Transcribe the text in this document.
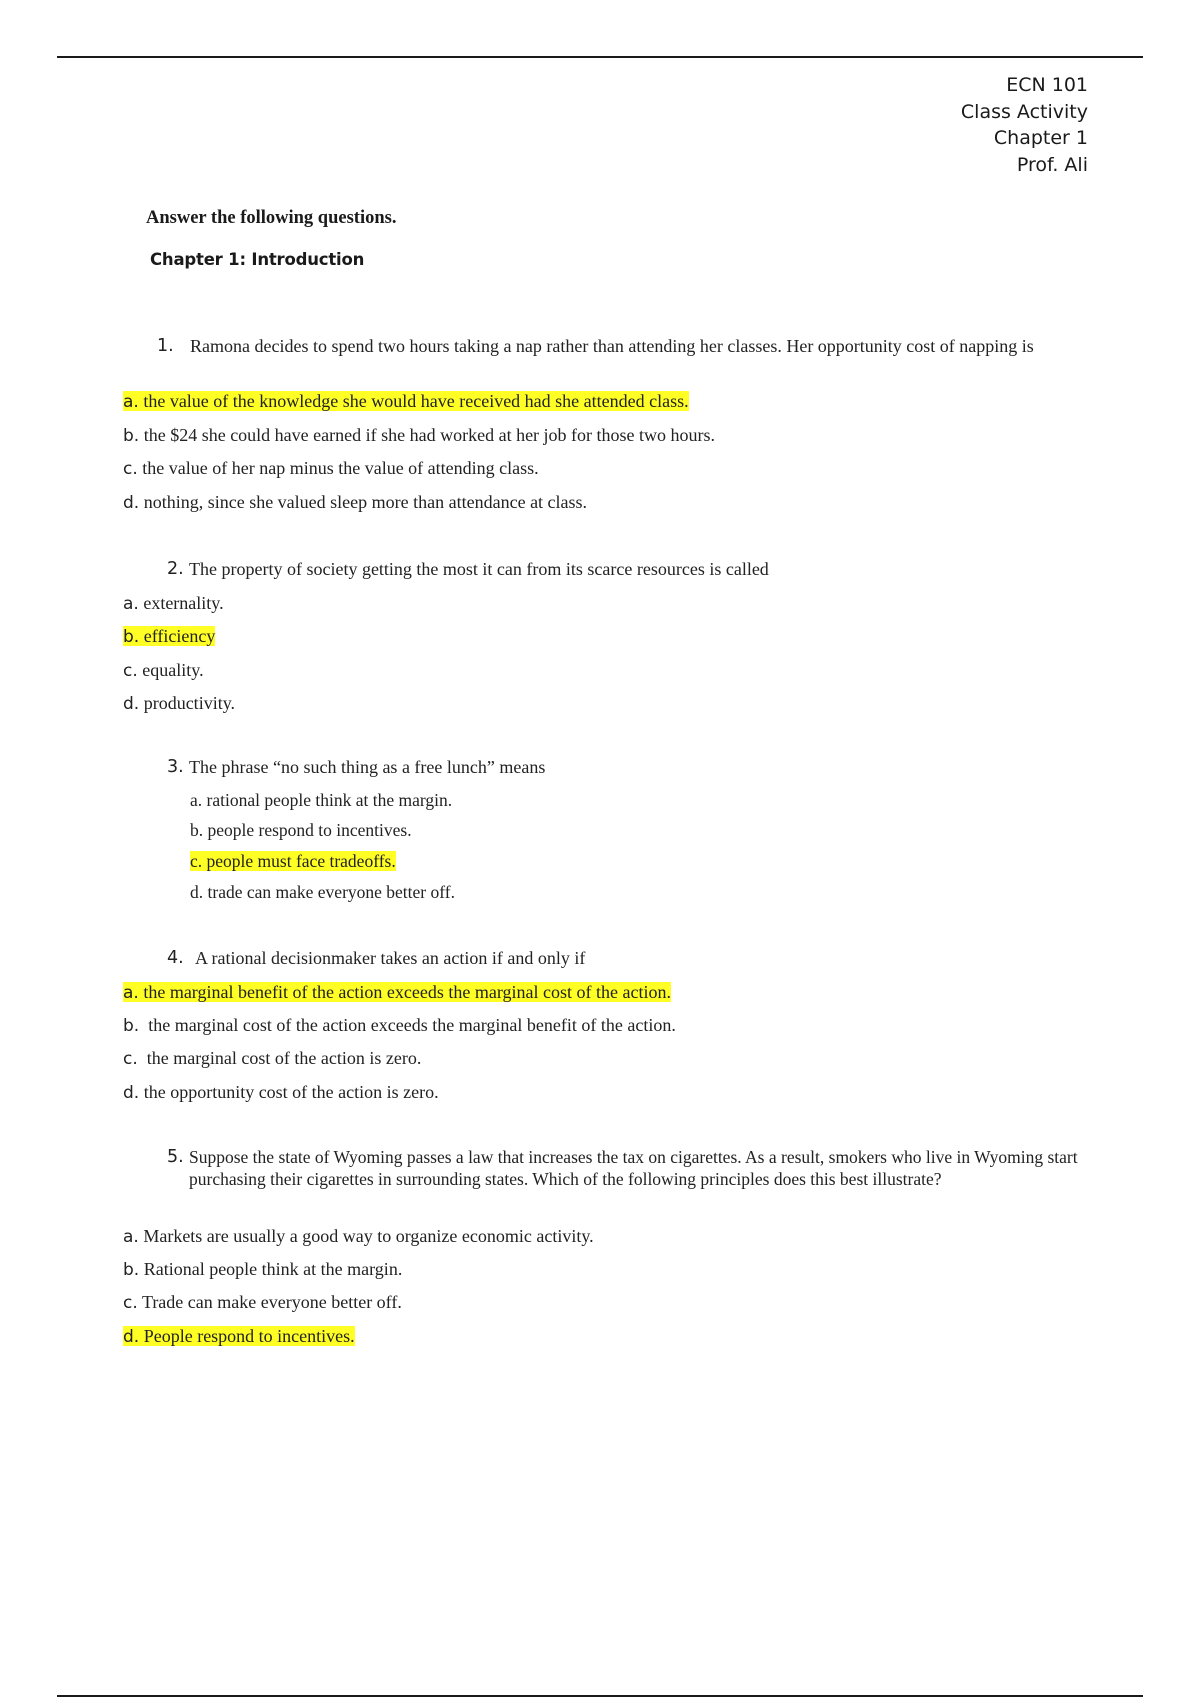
ECN 101
Class Activity
Chapter 1
Prof. Ali
Answer the following questions.
Chapter 1: Introduction
1. Ramona decides to spend two hours taking a nap rather than attending her classes. Her opportunity cost of napping is
a. the value of the knowledge she would have received had she attended class.
b. the $24 she could have earned if she had worked at her job for those two hours.
c. the value of her nap minus the value of attending class.
d. nothing, since she valued sleep more than attendance at class.
2. The property of society getting the most it can from its scarce resources is called
a. externality.
b. efficiency
c. equality.
d. productivity.
3. The phrase “no such thing as a free lunch” means
a. rational people think at the margin.
b. people respond to incentives.
c. people must face tradeoffs.
d. trade can make everyone better off.
4. A rational decisionmaker takes an action if and only if
a. the marginal benefit of the action exceeds the marginal cost of the action.
b. the marginal cost of the action exceeds the marginal benefit of the action.
c. the marginal cost of the action is zero.
d. the opportunity cost of the action is zero.
5. Suppose the state of Wyoming passes a law that increases the tax on cigarettes. As a result, smokers who live in Wyoming start purchasing their cigarettes in surrounding states. Which of the following principles does this best illustrate?
a. Markets are usually a good way to organize economic activity.
b. Rational people think at the margin.
c. Trade can make everyone better off.
d. People respond to incentives.
